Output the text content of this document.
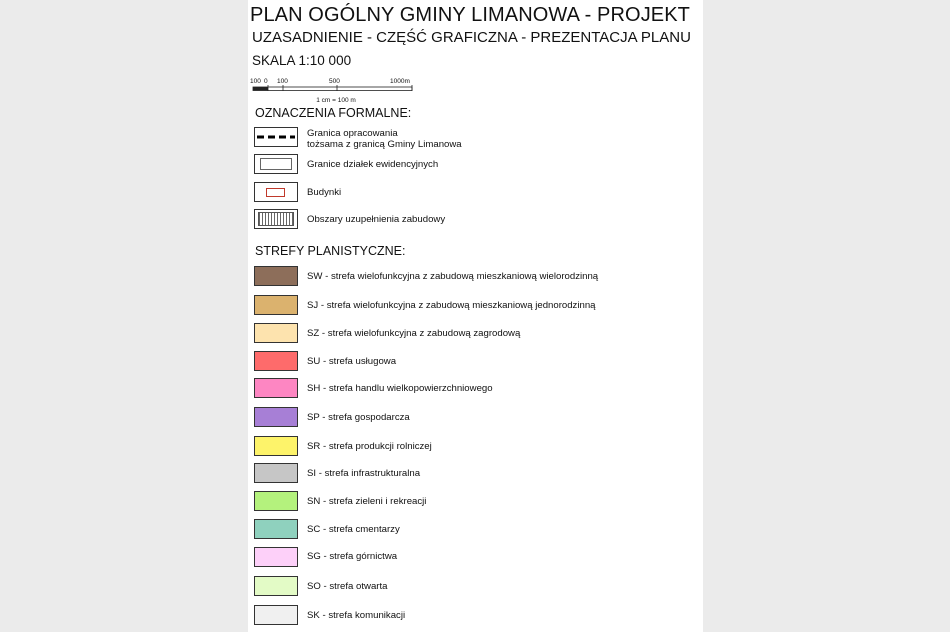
PLAN OGÓLNY GMINY LIMANOWA - PROJEKT
UZASADNIENIE - CZĘŚĆ GRAFICZNA - PREZENTACJA PLANU
SKALA 1:10 000
100 0 100	500	1000m
1 cm = 100 m
OZNACZENIA FORMALNE:
Granica opracowania
tożsama z granicą Gminy Limanowa
Granice działek ewidencyjnych
Budynki
Obszary uzupełnienia zabudowy
STREFY PLANISTYCZNE:
SW - strefa wielofunkcyjna z zabudową mieszkaniową wielorodzinną
SJ - strefa wielofunkcyjna z zabudową mieszkaniową jednorodzinną
SZ - strefa wielofunkcyjna z zabudową zagrodową
SU - strefa usługowa
SH - strefa handlu wielkopowierzchniowego
SP - strefa gospodarcza
SR - strefa produkcji rolniczej
SI - strefa infrastrukturalna
SN - strefa zieleni i rekreacji
SC - strefa cmentarzy
SG - strefa górnictwa
SO - strefa otwarta
SK - strefa komunikacji
